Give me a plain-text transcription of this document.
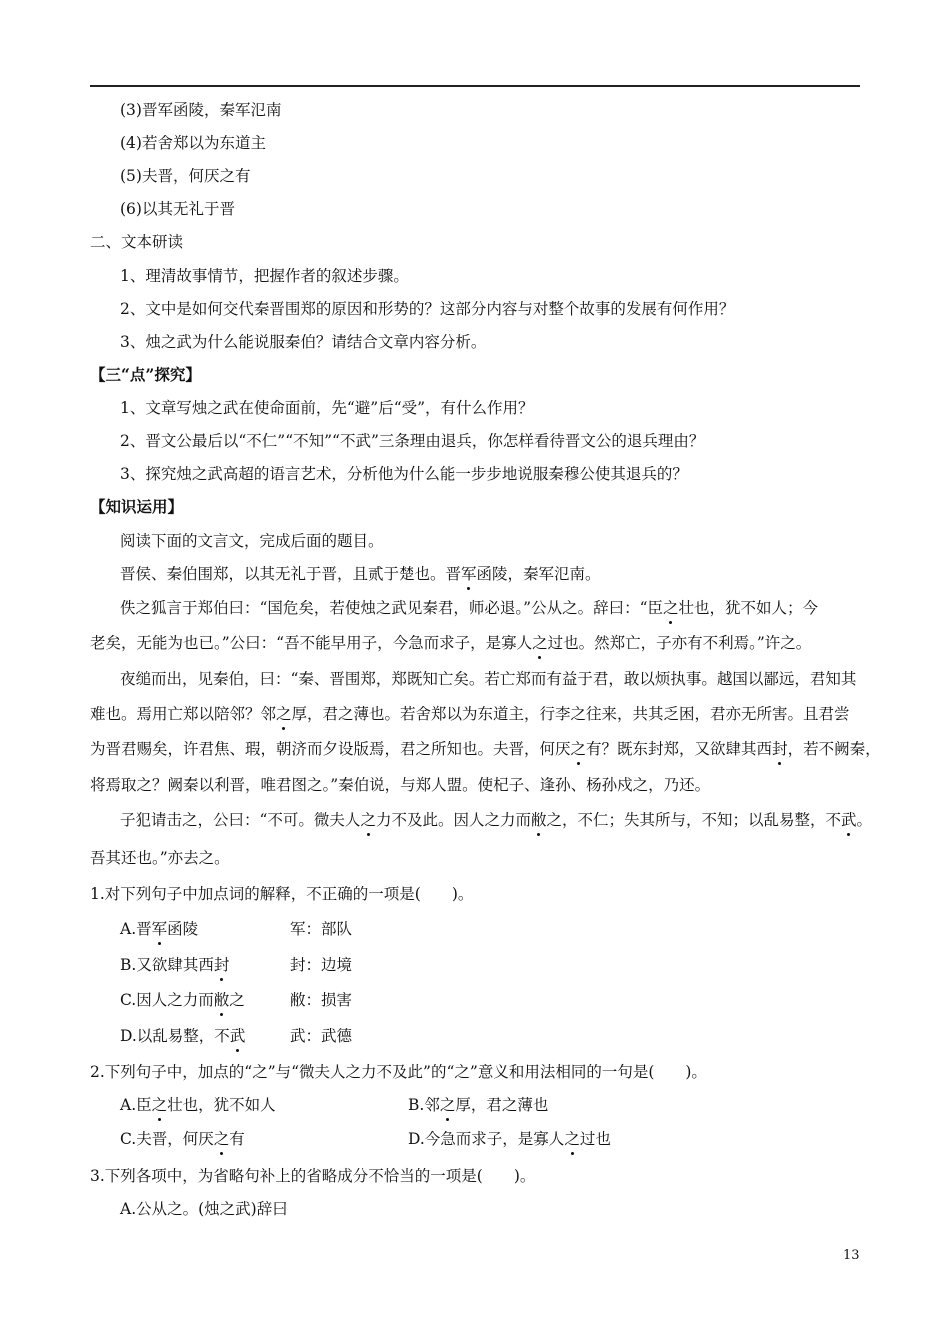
(3)晋军函陵，秦军氾南
(4)若舍郑以为东道主
(5)夫晋，何厌之有
(6)以其无礼于晋
二、文本研读
1、理清故事情节，把握作者的叙述步骤。
2、文中是如何交代秦晋围郑的原因和形势的？这部分内容与对整个故事的发展有何作用？
3、烛之武为什么能说服秦伯？请结合文章内容分析。
【三“点”探究】
1、文章写烛之武在使命面前，先“避”后“受”，有什么作用？
2、晋文公最后以“不仁”“不知”“不武”三条理由退兵，你怎样看待晋文公的退兵理由？
3、探究烛之武高超的语言艺术，分析他为什么能一步步地说服秦穆公使其退兵的？
【知识运用】
阅读下面的文言文，完成后面的题目。
晋侯、秦伯围郑，以其无礼于晋，且贰于楚也。晋军函陵，秦军氾南。
佚之狐言于郑伯曰：“国危矣，若使烛之武见秦君，师必退。”公从之。辞曰：“臣之壮也，犹不如人；今
老矣，无能为也已。”公曰：“吾不能早用子，今急而求子，是寡人之过也。然郑亡，子亦有不利焉。”许之。
夜缒而出，见秦伯，曰：“秦、晋围郑，郑既知亡矣。若亡郑而有益于君，敢以烦执事。越国以鄙远，君知其
难也。焉用亡郑以陪邻？邻之厚，君之薄也。若舍郑以为东道主，行李之往来，共其乏困，君亦无所害。且君尝
为晋君赐矣，许君焦、瑕，朝济而夕设版焉，君之所知也。夫晋，何厌之有？既东封郑，又欲肆其西封，若不阙秦，
将焉取之？阙秦以利晋，唯君图之。”秦伯说，与郑人盟。使杞子、逢孙、杨孙戍之，乃还。
子犯请击之，公曰：“不可。微夫人之力不及此。因人之力而敝之，不仁；失其所与，不知；以乱易整，不武。
吾其还也。”亦去之。
1.对下列句子中加点词的解释，不正确的一项是(　　)。
A.晋军函陵	军：部队
B.又欲肆其西封	封：边境
C.因人之力而敝之	敝：损害
D.以乱易整，不武	武：武德
2.下列句子中，加点的“之”与“微夫人之力不及此”的“之”意义和用法相同的一句是(　　)。
A.臣之壮也，犹不如人	B.邻之厚，君之薄也
C.夫晋，何厌之有	D.今急而求子，是寡人之过也
3.下列各项中，为省略句补上的省略成分不恰当的一项是(　　)。
A.公从之。(烛之武)辞曰
13
